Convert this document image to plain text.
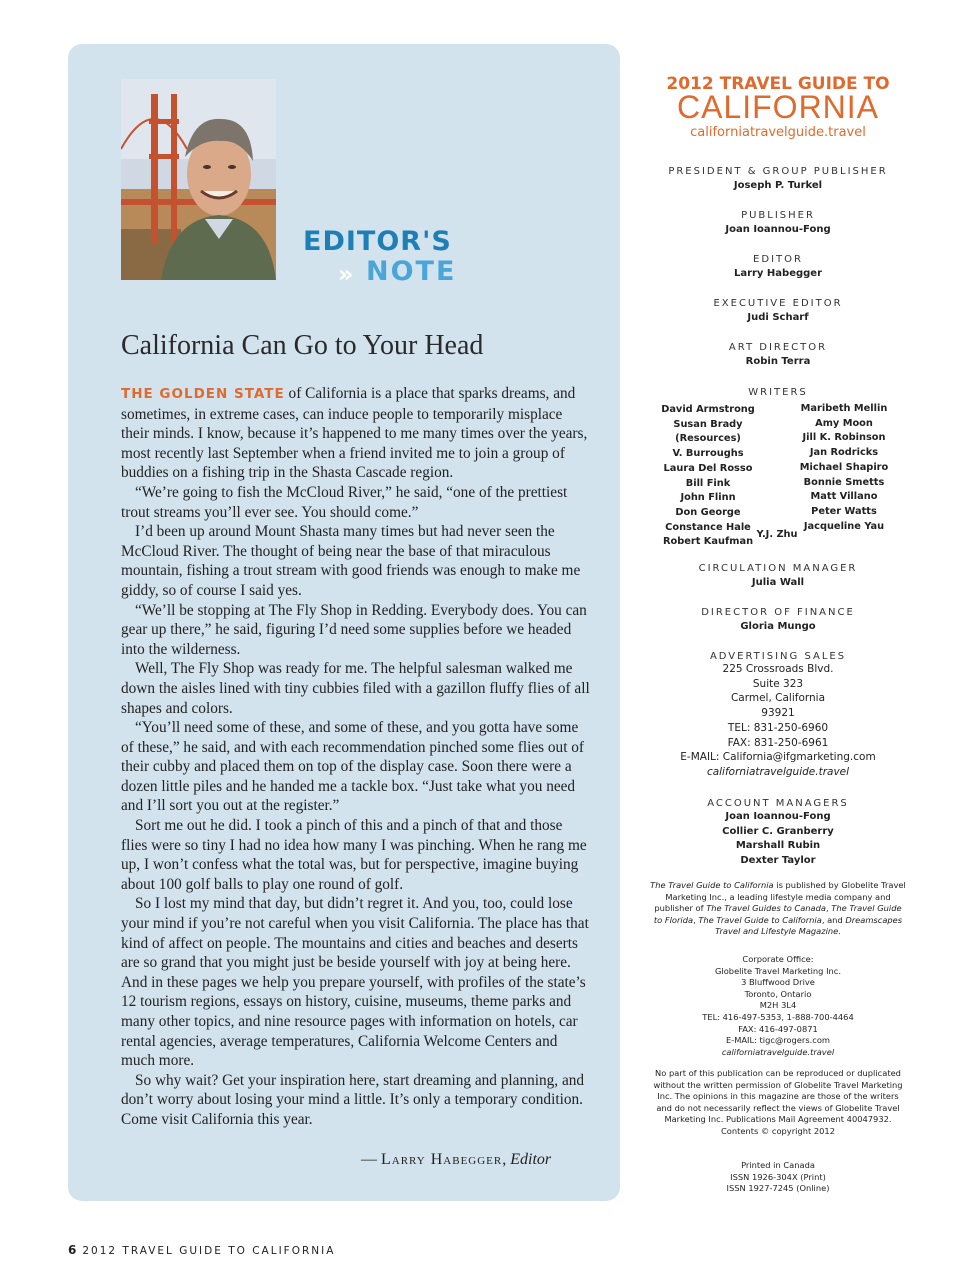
EDITOR'S
» NOTE
California Can Go to Your Head

THE GOLDEN STATE of California is a place that sparks dreams, and sometimes, in extreme cases, can induce people to temporarily misplace their minds. I know, because it’s happened to me many times over the years, most recently last September when a friend invited me to join a group of buddies on a fishing trip in the Shasta Cascade region.

“We’re going to fish the McCloud River,” he said, “one of the prettiest trout streams you’ll ever see. You should come.”

I’d been up around Mount Shasta many times but had never seen the McCloud River. The thought of being near the base of that miraculous mountain, fishing a trout stream with good friends was enough to make me giddy, so of course I said yes.

“We’ll be stopping at The Fly Shop in Redding. Everybody does. You can gear up there,” he said, figuring I’d need some supplies before we headed into the wilderness.

Well, The Fly Shop was ready for me. The helpful salesman walked me down the aisles lined with tiny cubbies filed with a gazillon fluffy flies of all shapes and colors.

“You’ll need some of these, and some of these, and you gotta have some of these,” he said, and with each recommendation pinched some flies out of their cubby and placed them on top of the display case. Soon there were a dozen little piles and he handed me a tackle box. “Just take what you need and I’ll sort you out at the register.”

Sort me out he did. I took a pinch of this and a pinch of that and those flies were so tiny I had no idea how many I was pinching. When he rang me up, I won’t confess what the total was, but for perspective, imagine buying about 100 golf balls to play one round of golf.

So I lost my mind that day, but didn’t regret it. And you, too, could lose your mind if you’re not careful when you visit California. The place has that kind of affect on people. The mountains and cities and beaches and deserts are so grand that you might just be beside yourself with joy at being here. And in these pages we help you prepare yourself, with profiles of the state’s 12 tourism regions, essays on history, cuisine, museums, theme parks and many other topics, and nine resource pages with information on hotels, car rental agencies, average temperatures, California Welcome Centers and much more.

So why wait? Get your inspiration here, start dreaming and planning, and don’t worry about losing your mind a little. It’s only a temporary condition. Come visit California this year.

— Larry Habegger, Editor
2012 TRAVEL GUIDE TO
CALIFORNIA
californiatravelguide.travel
PRESIDENT & GROUP PUBLISHER
Joseph P. Turkel
PUBLISHER
Joan Ioannou-Fong
EDITOR
Larry Habegger
EXECUTIVE EDITOR
Judi Scharf
ART DIRECTOR
Robin Terra
WRITERS
David Armstrong
Susan Brady (Resources)
V. Burroughs
Laura Del Rosso
Bill Fink
John Flinn
Don George
Constance Hale
Robert Kaufman
Maribeth Mellin
Amy Moon
Jill K. Robinson
Jan Rodricks
Michael Shapiro
Bonnie Smetts
Matt Villano
Peter Watts
Jacqueline Yau
Y.J. Zhu
CIRCULATION MANAGER
Julia Wall
DIRECTOR OF FINANCE
Gloria Mungo
ADVERTISING SALES
225 Crossroads Blvd.
Suite 323
Carmel, California
93921
TEL: 831-250-6960
FAX: 831-250-6961
E-MAIL: California@ifgmarketing.com
californiatravelguide.travel
ACCOUNT MANAGERS
Joan Ioannou-Fong
Collier C. Granberry
Marshall Rubin
Dexter Taylor
The Travel Guide to California is published by Globelite Travel Marketing Inc., a leading lifestyle media company and publisher of The Travel Guides to Canada, The Travel Guide to Florida, The Travel Guide to California, and Dreamscapes Travel and Lifestyle Magazine.
Corporate Office:
Globelite Travel Marketing Inc.
3 Bluffwood Drive
Toronto, Ontario
M2H 3L4
TEL: 416-497-5353, 1-888-700-4464
FAX: 416-497-0871
E-MAIL: tigc@rogers.com
californiatravelguide.travel
No part of this publication can be reproduced or duplicated without the written permission of Globelite Travel Marketing Inc. The opinions in this magazine are those of the writers and do not necessarily reflect the views of Globelite Travel Marketing Inc. Publications Mail Agreement 40047932. Contents © copyright 2012
Printed in Canada
ISSN 1926-304X (Print)
ISSN 1927-7245 (Online)
6 2012 TRAVEL GUIDE TO CALIFORNIA
